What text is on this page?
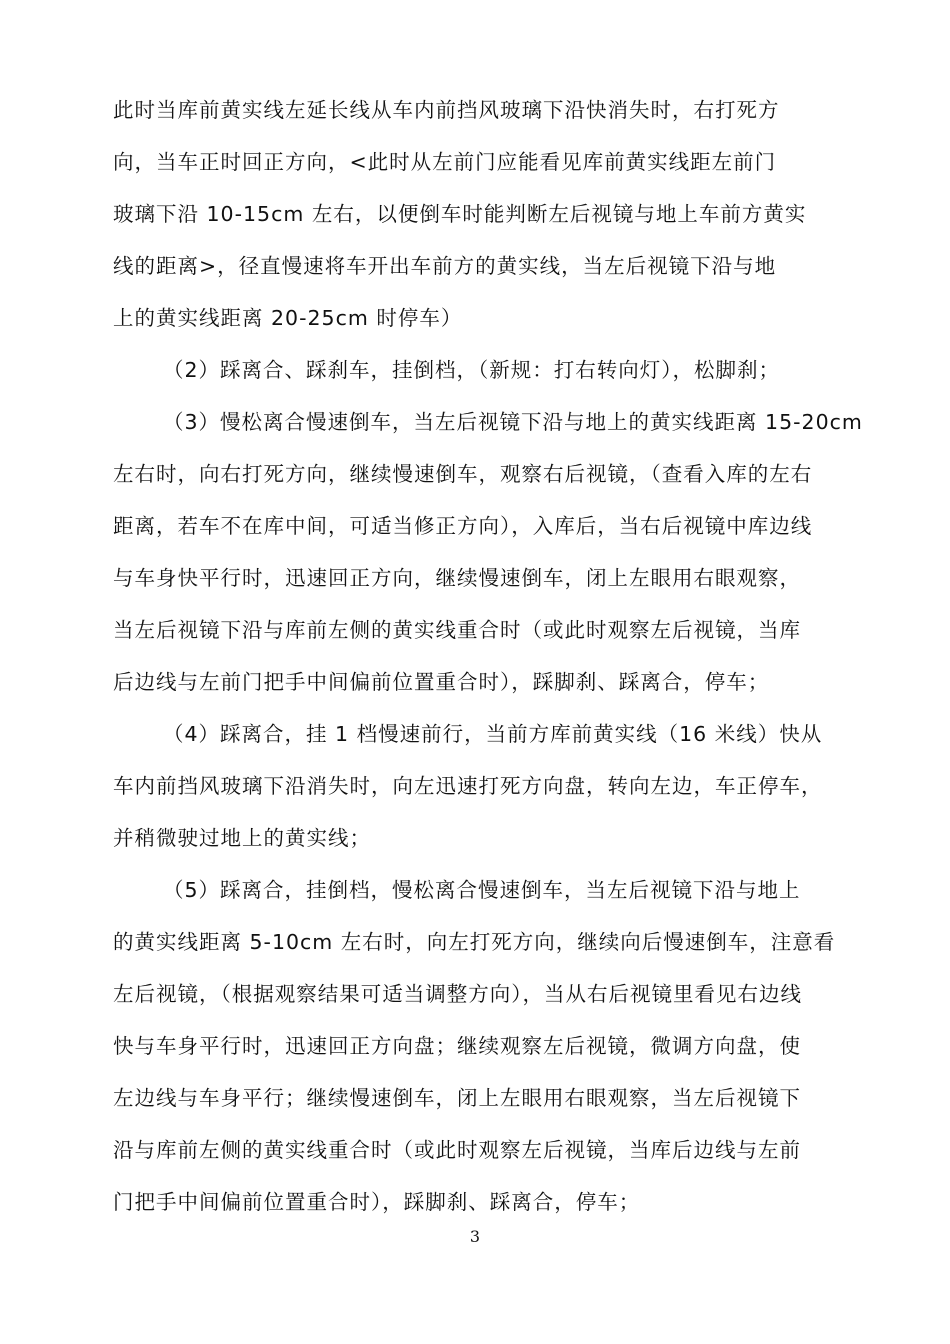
此时当库前黄实线左延长线从车内前挡风玻璃下沿快消失时，右打死方
向，当车正时回正方向，<此时从左前门应能看见库前黄实线距左前门
玻璃下沿 10-15cm 左右，以便倒车时能判断左后视镜与地上车前方黄实
线的距离>，径直慢速将车开出车前方的黄实线，当左后视镜下沿与地
上的黄实线距离 20-25cm 时停车）
（2）踩离合、踩刹车，挂倒档，（新规：打右转向灯），松脚刹；
（3）慢松离合慢速倒车，当左后视镜下沿与地上的黄实线距离 15-20cm
左右时，向右打死方向，继续慢速倒车，观察右后视镜，（查看入库的左右
距离，若车不在库中间，可适当修正方向），入库后，当右后视镜中库边线
与车身快平行时，迅速回正方向，继续慢速倒车，闭上左眼用右眼观察，
当左后视镜下沿与库前左侧的黄实线重合时（或此时观察左后视镜，当库
后边线与左前门把手中间偏前位置重合时），踩脚刹、踩离合，停车；
（4）踩离合，挂 1 档慢速前行，当前方库前黄实线（16 米线）快从
车内前挡风玻璃下沿消失时，向左迅速打死方向盘，转向左边，车正停车，
并稍微驶过地上的黄实线；
（5）踩离合，挂倒档，慢松离合慢速倒车，当左后视镜下沿与地上
的黄实线距离 5-10cm 左右时，向左打死方向，继续向后慢速倒车，注意看
左后视镜，（根据观察结果可适当调整方向），当从右后视镜里看见右边线
快与车身平行时，迅速回正方向盘；继续观察左后视镜，微调方向盘，使
左边线与车身平行；继续慢速倒车，闭上左眼用右眼观察，当左后视镜下
沿与库前左侧的黄实线重合时（或此时观察左后视镜，当库后边线与左前
门把手中间偏前位置重合时），踩脚刹、踩离合，停车；
3
